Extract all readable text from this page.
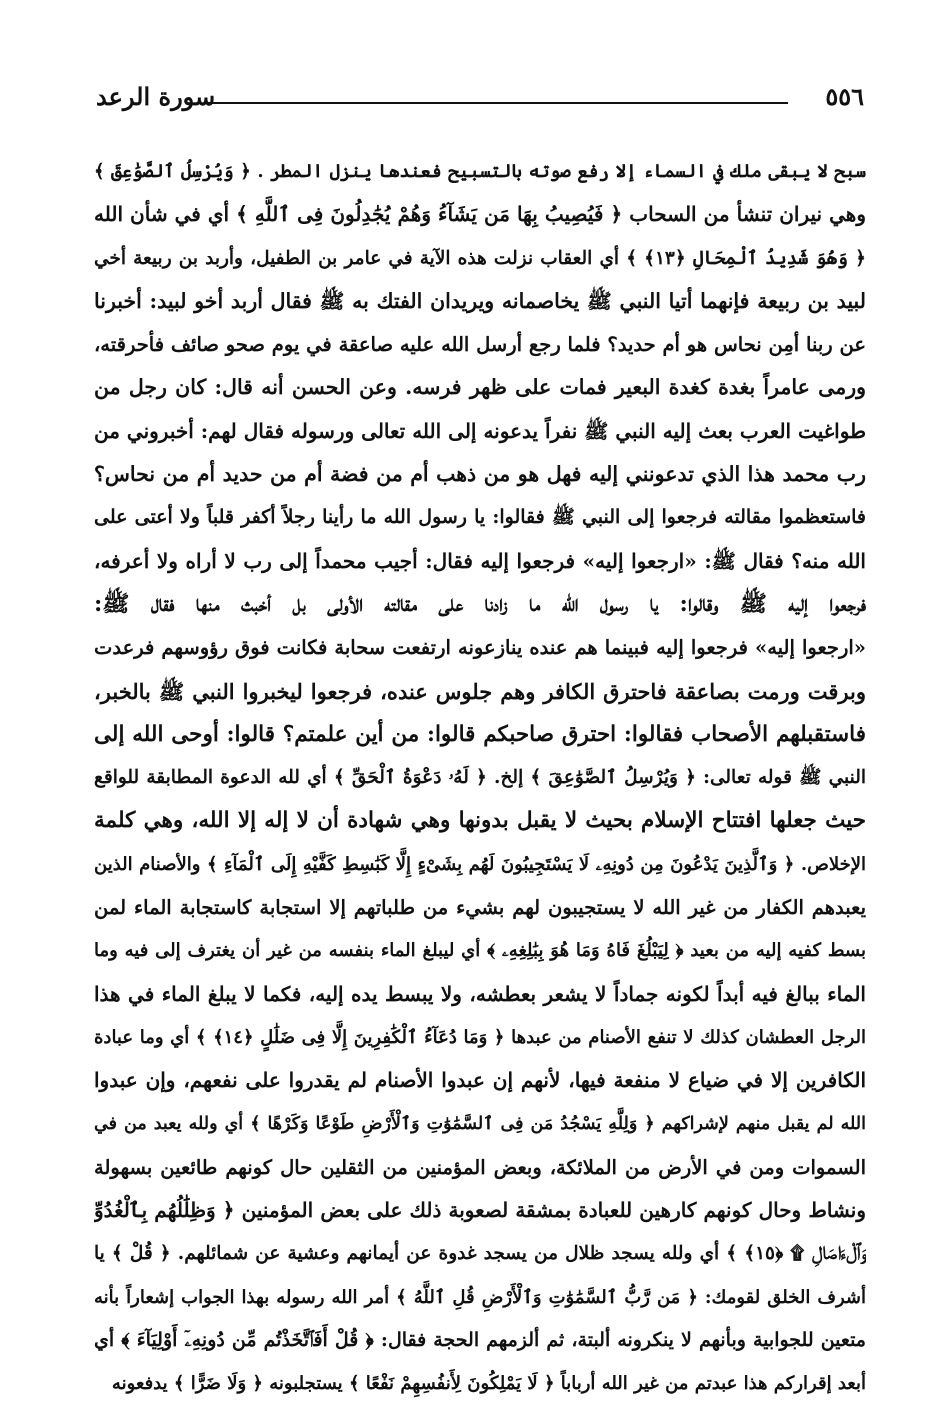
٥٥٦
سورة الرعد
سبح لا يبقى ملك في السماء إلا رفع صوته بالتسبيح فعندها ينزل المطر . ﴿ وَيُرْسِلُ ٱلصَّوَٰعِقَ ﴾
وهي نيران تنشأ من السحاب ﴿ فَيُصِيبُ بِهَا مَن يَشَآءُ وَهُمْ يُجَٰدِلُونَ فِى ٱللَّهِ ﴾ أي في شأن الله
﴿ وَهُوَ شَدِيدُ ٱلْمِحَالِ ﴿١٣﴾ ﴾ أي العقاب نزلت هذه الآية في عامر بن الطفيل، وأربد بن ربيعة أخي
لبيد بن ربيعة فإنهما أتيا النبي ﷺ يخاصمانه ويريدان الفتك به ﷺ فقال أربد أخو لبيد: أخبرنا
عن ربنا أمِن نحاس هو أم حديد؟ فلما رجع أرسل الله عليه صاعقة في يوم صحو صائف فأحرقته،
ورمى عامراً بغدة كغدة البعير فمات على ظهر فرسه. وعن الحسن أنه قال: كان رجل من
طواغيت العرب بعث إليه النبي ﷺ نفراً يدعونه إلى الله تعالى ورسوله فقال لهم: أخبروني من
رب محمد هذا الذي تدعونني إليه فهل هو من ذهب أم من فضة أم من حديد أم من نحاس؟
فاستعظموا مقالته فرجعوا إلى النبي ﷺ فقالوا: يا رسول الله ما رأينا رجلاً أكفر قلباً ولا أعتى على
الله منه؟ فقال ﷺ: «ارجعوا إليه» فرجعوا إليه فقال: أجيب محمداً إلى رب لا أراه ولا أعرفه،
فرجعوا إليه ﷺ وقالوا: يا رسول الله ما زادنا على مقالته الأولى بل أخبث منها فقال ﷺ:
«ارجعوا إليه» فرجعوا إليه فبينما هم عنده ينازعونه ارتفعت سحابة فكانت فوق رؤوسهم فرعدت
وبرقت ورمت بصاعقة فاحترق الكافر وهم جلوس عنده، فرجعوا ليخبروا النبي ﷺ بالخبر،
فاستقبلهم الأصحاب فقالوا: احترق صاحبكم قالوا: من أين علمتم؟ قالوا: أوحى الله إلى
النبي ﷺ قوله تعالى: ﴿ وَيُرْسِلُ ٱلصَّوَٰعِقَ ﴾ إلخ. ﴿ لَهُۥ دَعْوَةُ ٱلْحَقِّ ﴾ أي لله الدعوة المطابقة للواقع
حيث جعلها افتتاح الإسلام بحيث لا يقبل بدونها وهي شهادة أن لا إله إلا الله، وهي كلمة
الإخلاص. ﴿ وَٱلَّذِينَ يَدْعُونَ مِن دُونِهِۦ لَا يَسْتَجِيبُونَ لَهُم بِشَىْءٍ إِلَّا كَبَٰسِطِ كَفَّيْهِ إِلَى ٱلْمَآءِ ﴾ والأصنام الذين
يعبدهم الكفار من غير الله لا يستجيبون لهم بشيء من طلباتهم إلا استجابة كاستجابة الماء لمن
بسط كفيه إليه من بعيد ﴿ لِيَبْلُغَ فَاهُ وَمَا هُوَ بِبَٰلِغِهِۦ ﴾ أي ليبلغ الماء بنفسه من غير أن يغترف إلى فيه وما
الماء ببالغ فيه أبداً لكونه جماداً لا يشعر بعطشه، ولا يبسط يده إليه، فكما لا يبلغ الماء في هذا
الرجل العطشان كذلك لا تنفع الأصنام من عبدها ﴿ وَمَا دُعَآءُ ٱلْكَٰفِرِينَ إِلَّا فِى ضَلَٰلٍ ﴿١٤﴾ ﴾ أي وما عبادة
الكافرين إلا في ضياع لا منفعة فيها، لأنهم إن عبدوا الأصنام لم يقدروا على نفعهم، وإن عبدوا
الله لم يقبل منهم لإشراكهم ﴿ وَلِلَّهِ يَسْجُدُ مَن فِى ٱلسَّمَٰوَٰتِ وَٱلْأَرْضِ طَوْعًا وَكَرْهًا ﴾ أي ولله يعبد من في
السموات ومن في الأرض من الملائكة، وبعض المؤمنين من الثقلين حال كونهم طائعين بسهولة
ونشاط وحال كونهم كارهين للعبادة بمشقة لصعوبة ذلك على بعض المؤمنين ﴿ وَظِلَٰلُهُم بِٱلْغُدُوِّ
وَٱلْءَاصَالِ ۩ ﴿١٥﴾ ﴾ أي ولله يسجد ظلال من يسجد غدوة عن أيمانهم وعشية عن شمائلهم. ﴿ قُلْ ﴾ يا
أشرف الخلق لقومك: ﴿ مَن رَّبُّ ٱلسَّمَٰوَٰتِ وَٱلْأَرْضِ قُلِ ٱللَّهُ ﴾ أمر الله رسوله بهذا الجواب إشعاراً بأنه
متعين للجوابية وبأنهم لا ينكرونه ألبتة، ثم ألزمهم الحجة فقال: ﴿ قُلْ أَفَٱتَّخَذْتُم مِّن دُونِهِۦٓ أَوْلِيَآءَ ﴾ أي
أبعد إقراركم هذا عبدتم من غير الله أرباباً ﴿ لَا يَمْلِكُونَ لِأَنفُسِهِمْ نَفْعًا ﴾ يستجلبونه ﴿ وَلَا ضَرًّا ﴾ يدفعونه
